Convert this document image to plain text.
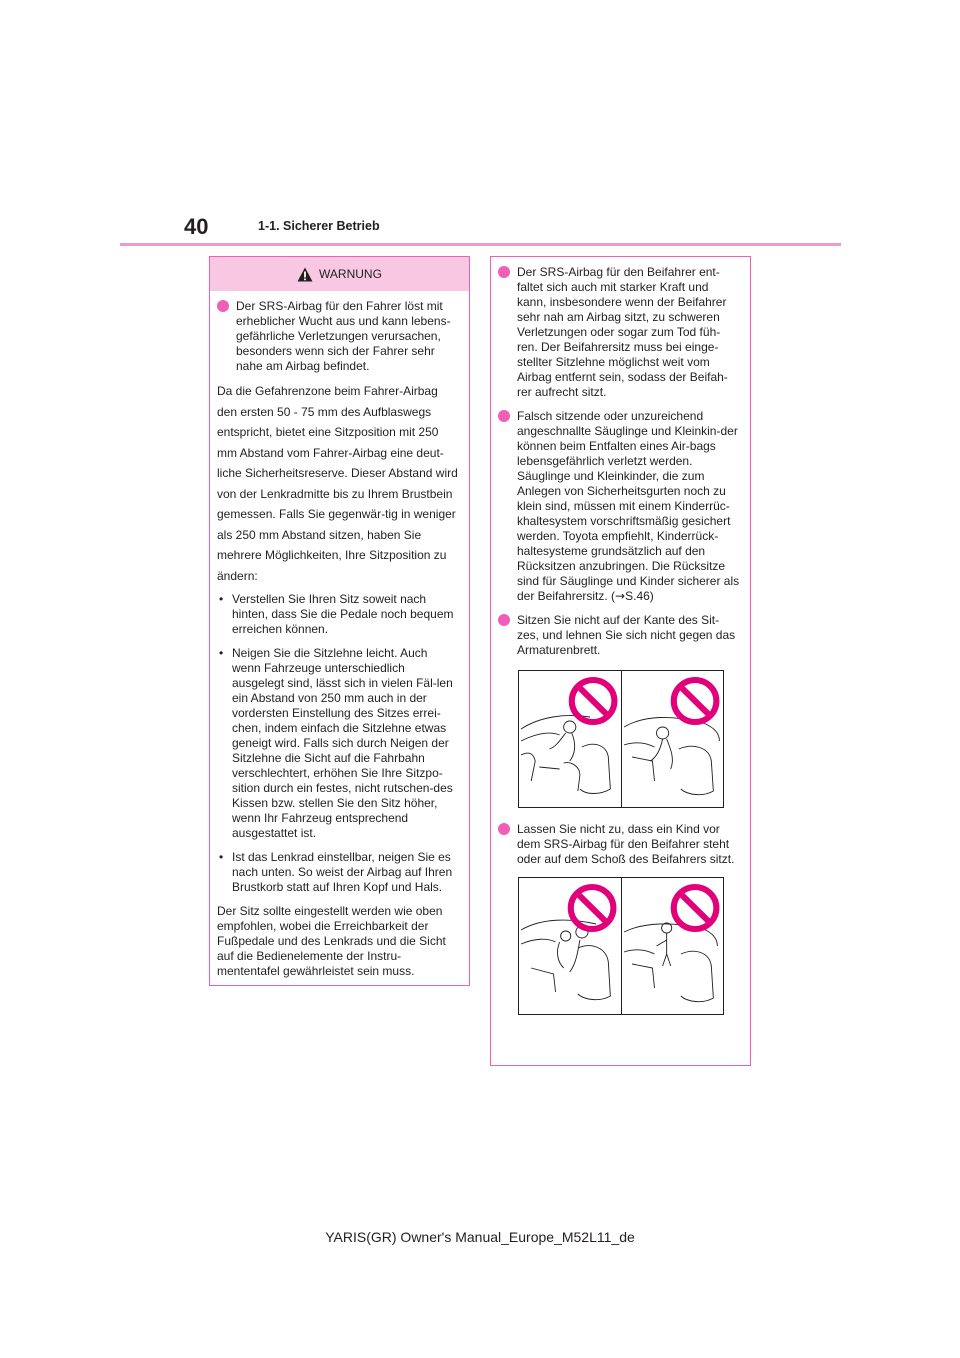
40	1-1. Sicherer Betrieb
WARNUNG
Der SRS-Airbag für den Fahrer löst mit erheblicher Wucht aus und kann lebens-gefährliche Verletzungen verursachen, besonders wenn sich der Fahrer sehr nahe am Airbag befindet.
Da die Gefahrenzone beim Fahrer-Airbag den ersten 50 - 75 mm des Aufblaswegs entspricht, bietet eine Sitzposition mit 250 mm Abstand vom Fahrer-Airbag eine deut-liche Sicherheitsreserve. Dieser Abstand wird von der Lenkradmitte bis zu Ihrem Brustbein gemessen. Falls Sie gegenwär-tig in weniger als 250 mm Abstand sitzen, haben Sie mehrere Möglichkeiten, Ihre Sitzposition zu ändern:
• Verstellen Sie Ihren Sitz soweit nach hinten, dass Sie die Pedale noch bequem erreichen können.
• Neigen Sie die Sitzlehne leicht. Auch wenn Fahrzeuge unterschiedlich ausgelegt sind, lässt sich in vielen Fäl-len ein Abstand von 250 mm auch in der vordersten Einstellung des Sitzes errei-chen, indem einfach die Sitzlehne etwas geneigt wird. Falls sich durch Neigen der Sitzlehne die Sicht auf die Fahrbahn verschlechtert, erhöhen Sie Ihre Sitzpo-sition durch ein festes, nicht rutschen-des Kissen bzw. stellen Sie den Sitz höher, wenn Ihr Fahrzeug entsprechend ausgestattet ist.
• Ist das Lenkrad einstellbar, neigen Sie es nach unten. So weist der Airbag auf Ihren Brustkorb statt auf Ihren Kopf und Hals.
Der Sitz sollte eingestellt werden wie oben empfohlen, wobei die Erreichbarkeit der Fußpedale und des Lenkrads und die Sicht auf die Bedienelemente der Instru-mententafel gewährleistet sein muss.
Der SRS-Airbag für den Beifahrer ent-faltet sich auch mit starker Kraft und kann, insbesondere wenn der Beifahrer sehr nah am Airbag sitzt, zu schweren Verletzungen oder sogar zum Tod füh-ren. Der Beifahrersitz muss bei einge-stellter Sitzlehne möglichst weit vom Airbag entfernt sein, sodass der Beifah-rer aufrecht sitzt.
Falsch sitzende oder unzureichend angeschnallte Säuglinge und Kleinkin-der können beim Entfalten eines Air-bags lebensgefährlich verletzt werden. Säuglinge und Kleinkinder, die zum Anlegen von Sicherheitsgurten noch zu klein sind, müssen mit einem Kinderrüc-khaltesystem vorschriftsmäßig gesichert werden. Toyota empfiehlt, Kinderrück-haltesysteme grundsätzlich auf den Rücksitzen anzubringen. Die Rücksitze sind für Säuglinge und Kinder sicherer als der Beifahrersitz. (→S.46)
Sitzen Sie nicht auf der Kante des Sit-zes, und lehnen Sie sich nicht gegen das Armaturenbrett.
Lassen Sie nicht zu, dass ein Kind vor dem SRS-Airbag für den Beifahrer steht oder auf dem Schoß des Beifahrers sitzt.
YARIS(GR) Owner's Manual_Europe_M52L11_de
